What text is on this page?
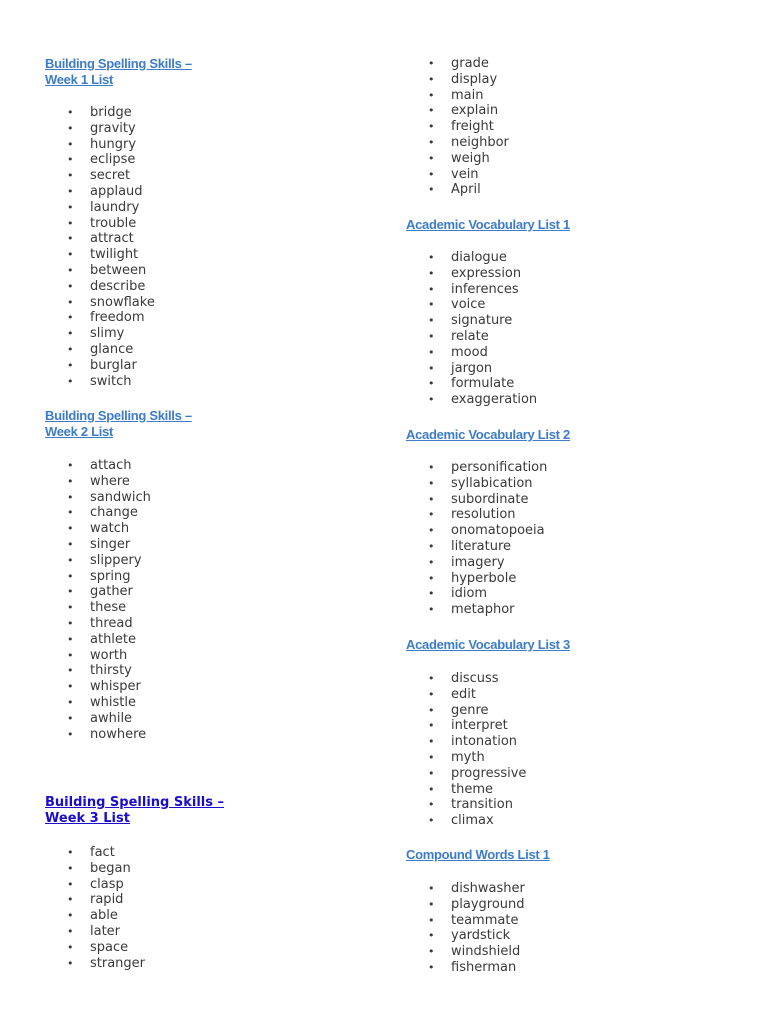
Building Spelling Skills –
Week 1 List
• bridge
• gravity
• hungry
• eclipse
• secret
• applaud
• laundry
• trouble
• attract
• twilight
• between
• describe
• snowflake
• freedom
• slimy
• glance
• burglar
• switch
Building Spelling Skills –
Week 2 List
• attach
• where
• sandwich
• change
• watch
• singer
• slippery
• spring
• gather
• these
• thread
• athlete
• worth
• thirsty
• whisper
• whistle
• awhile
• nowhere
Building Spelling Skills –
Week 3 List
• fact
• began
• clasp
• rapid
• able
• later
• space
• stranger
• grade
• display
• main
• explain
• freight
• neighbor
• weigh
• vein
• April
Academic Vocabulary List 1
• dialogue
• expression
• inferences
• voice
• signature
• relate
• mood
• jargon
• formulate
• exaggeration
Academic Vocabulary List 2
• personification
• syllabication
• subordinate
• resolution
• onomatopoeia
• literature
• imagery
• hyperbole
• idiom
• metaphor
Academic Vocabulary List 3
• discuss
• edit
• genre
• interpret
• intonation
• myth
• progressive
• theme
• transition
• climax
Compound Words List 1
• dishwasher
• playground
• teammate
• yardstick
• windshield
• fisherman
